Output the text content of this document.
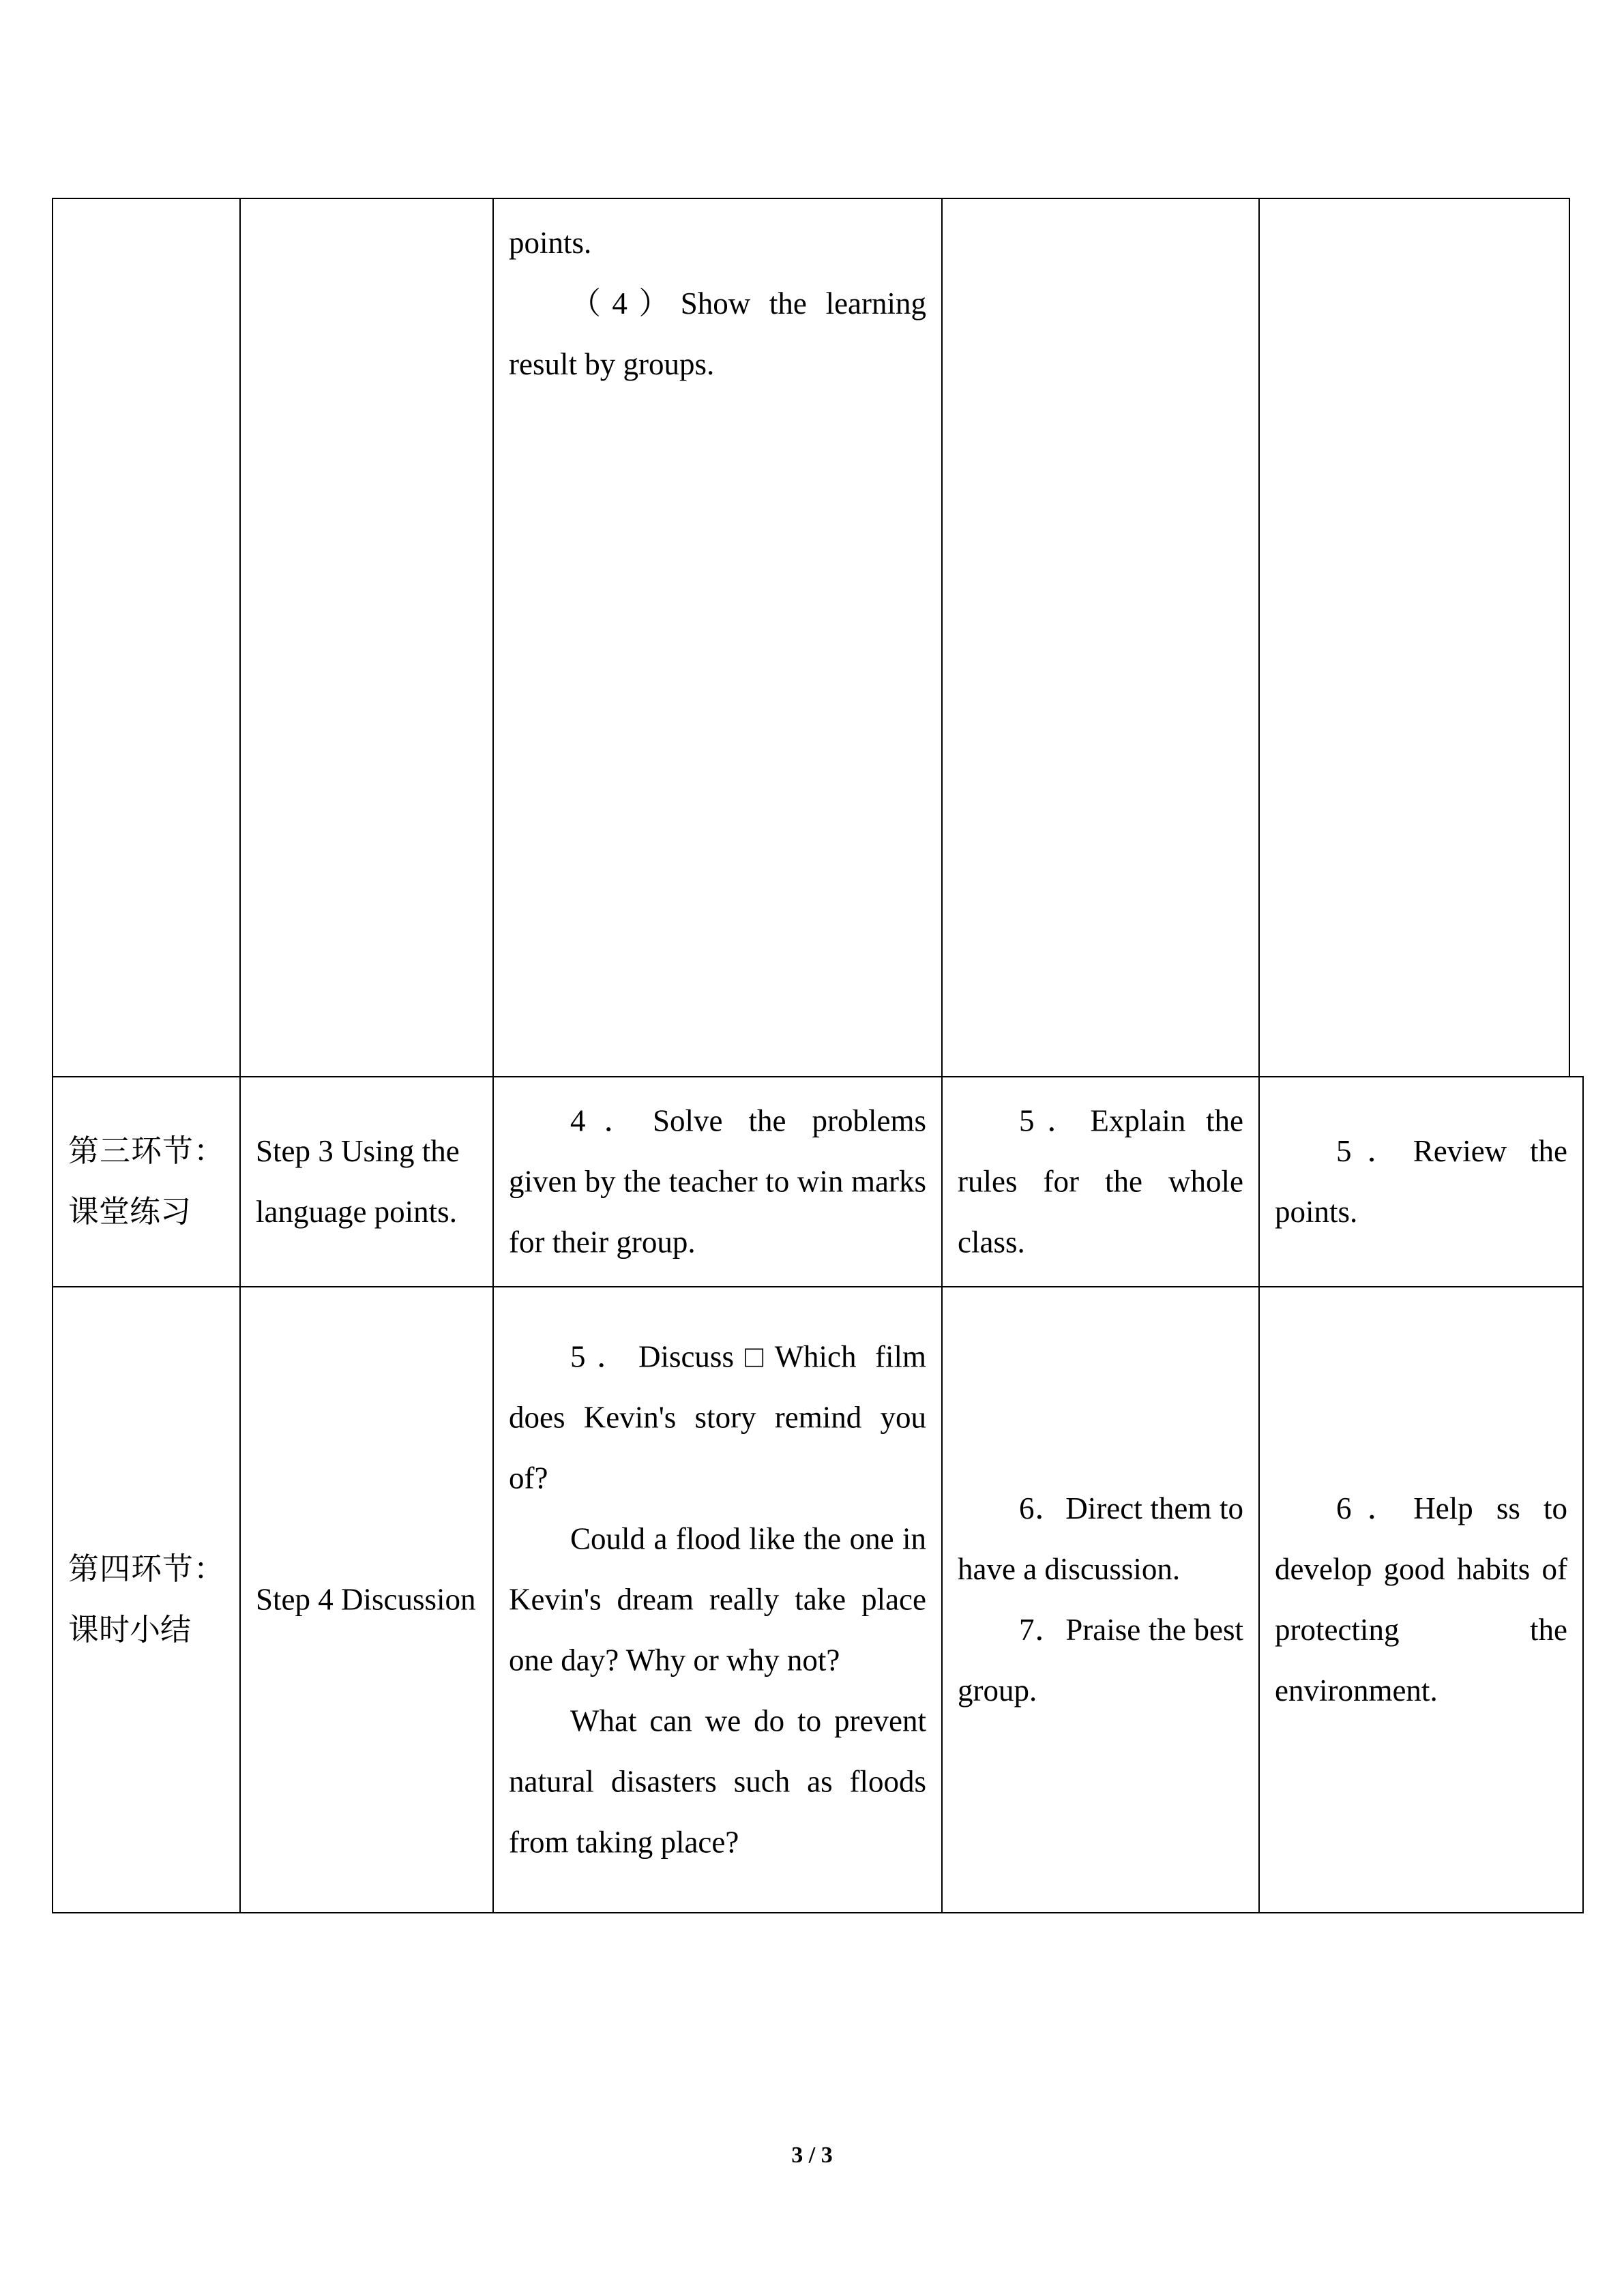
points.

（4）Show the learning result by groups.

第三环节：课堂练习
Step 3 Using the language points.

4．Solve the problems given by the teacher to win marks for their group.

5．Explain the rules for the whole class.

5．Review the points.

第四环节：课时小结
Step 4 Discussion

5．Discuss□Which film does Kevin's story remind you of?

Could a flood like the one in Kevin's dream really take place one day? Why or why not?

What can we do to prevent natural disasters such as floods from taking place?

6．Direct them to have a discussion.

7．Praise the best group.

6．Help ss to develop good habits of protecting the environment.

3 / 3
